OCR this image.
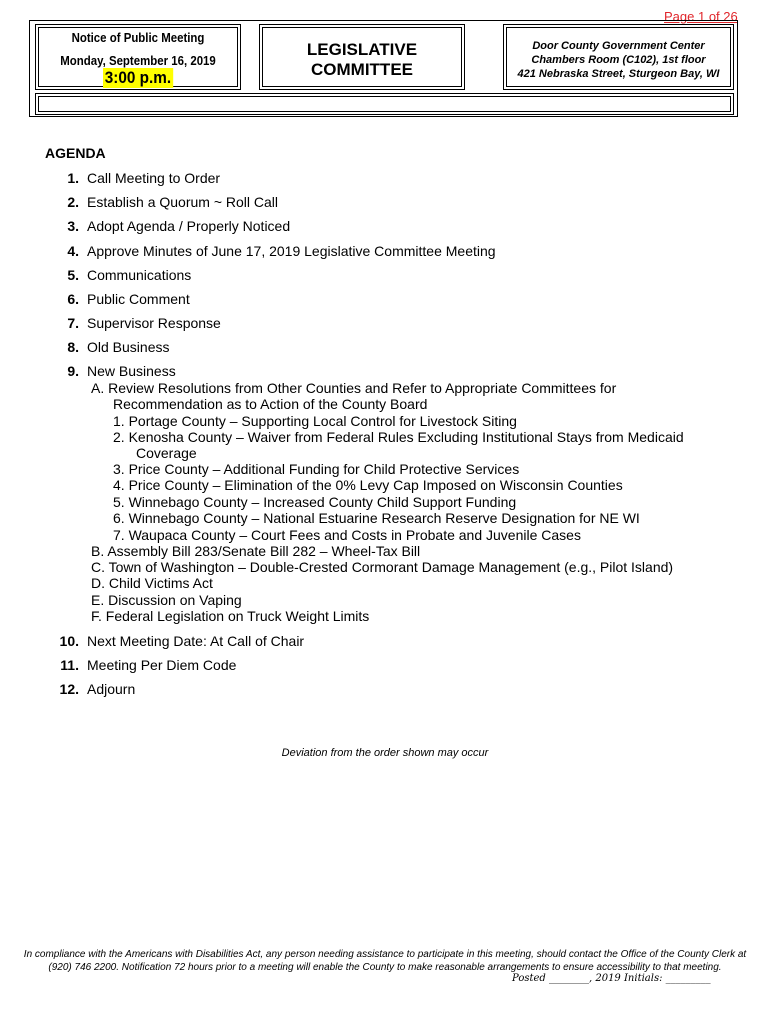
Page 1 of 26
Notice of Public Meeting
Monday, September 16, 2019
3:00 p.m.
LEGISLATIVE
COMMITTEE
Door County Government Center
Chambers Room (C102), 1st floor
421 Nebraska Street, Sturgeon Bay, WI
AGENDA
1. Call Meeting to Order
2. Establish a Quorum ~ Roll Call
3. Adopt Agenda / Properly Noticed
4. Approve Minutes of June 17, 2019 Legislative Committee Meeting
5. Communications
6. Public Comment
7. Supervisor Response
8. Old Business
9. New Business
A. Review Resolutions from Other Counties and Refer to Appropriate Committees for
Recommendation as to Action of the County Board
1. Portage County – Supporting Local Control for Livestock Siting
2. Kenosha County – Waiver from Federal Rules Excluding Institutional Stays from Medicaid
Coverage
3. Price County – Additional Funding for Child Protective Services
4. Price County – Elimination of the 0% Levy Cap Imposed on Wisconsin Counties
5. Winnebago County – Increased County Child Support Funding
6. Winnebago County – National Estuarine Research Reserve Designation for NE WI
7. Waupaca County – Court Fees and Costs in Probate and Juvenile Cases
B. Assembly Bill 283/Senate Bill 282 – Wheel-Tax Bill
C. Town of Washington – Double-Crested Cormorant Damage Management (e.g., Pilot Island)
D. Child Victims Act
E. Discussion on Vaping
F. Federal Legislation on Truck Weight Limits
10. Next Meeting Date: At Call of Chair
11. Meeting Per Diem Code
12. Adjourn
Deviation from the order shown may occur
In compliance with the Americans with Disabilities Act, any person needing assistance to participate in this meeting, should contact the Office of the County Clerk at
(920) 746 2200. Notification 72 hours prior to a meeting will enable the County to make reasonable arrangements to ensure accessibility to that meeting.
Posted ________, 2019 Initials: _________
